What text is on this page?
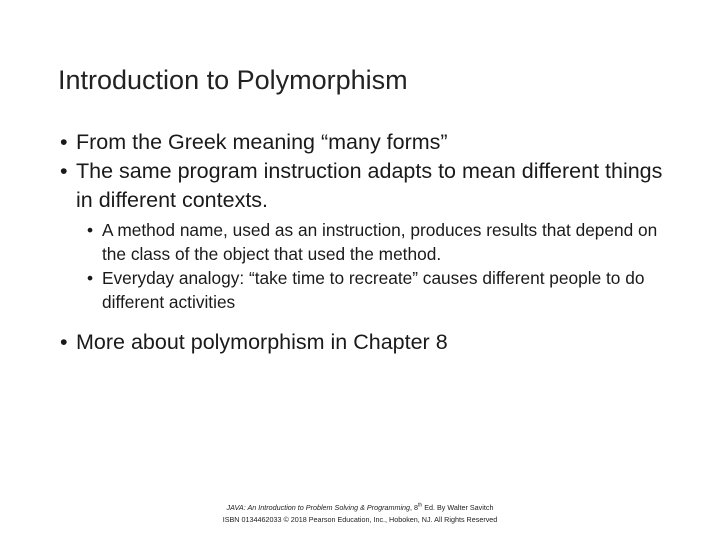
Introduction to Polymorphism
• From the Greek meaning “many forms”
• The same program instruction adapts to mean different things in different contexts.
• A method name, used as an instruction, produces results that depend on the class of the object that used the method.
• Everyday analogy: “take time to recreate” causes different people to do different activities
• More about polymorphism in Chapter 8
JAVA: An Introduction to Problem Solving & Programming, 8th Ed. By Walter Savitch
ISBN 0134462033 © 2018 Pearson Education, Inc., Hoboken, NJ. All Rights Reserved
